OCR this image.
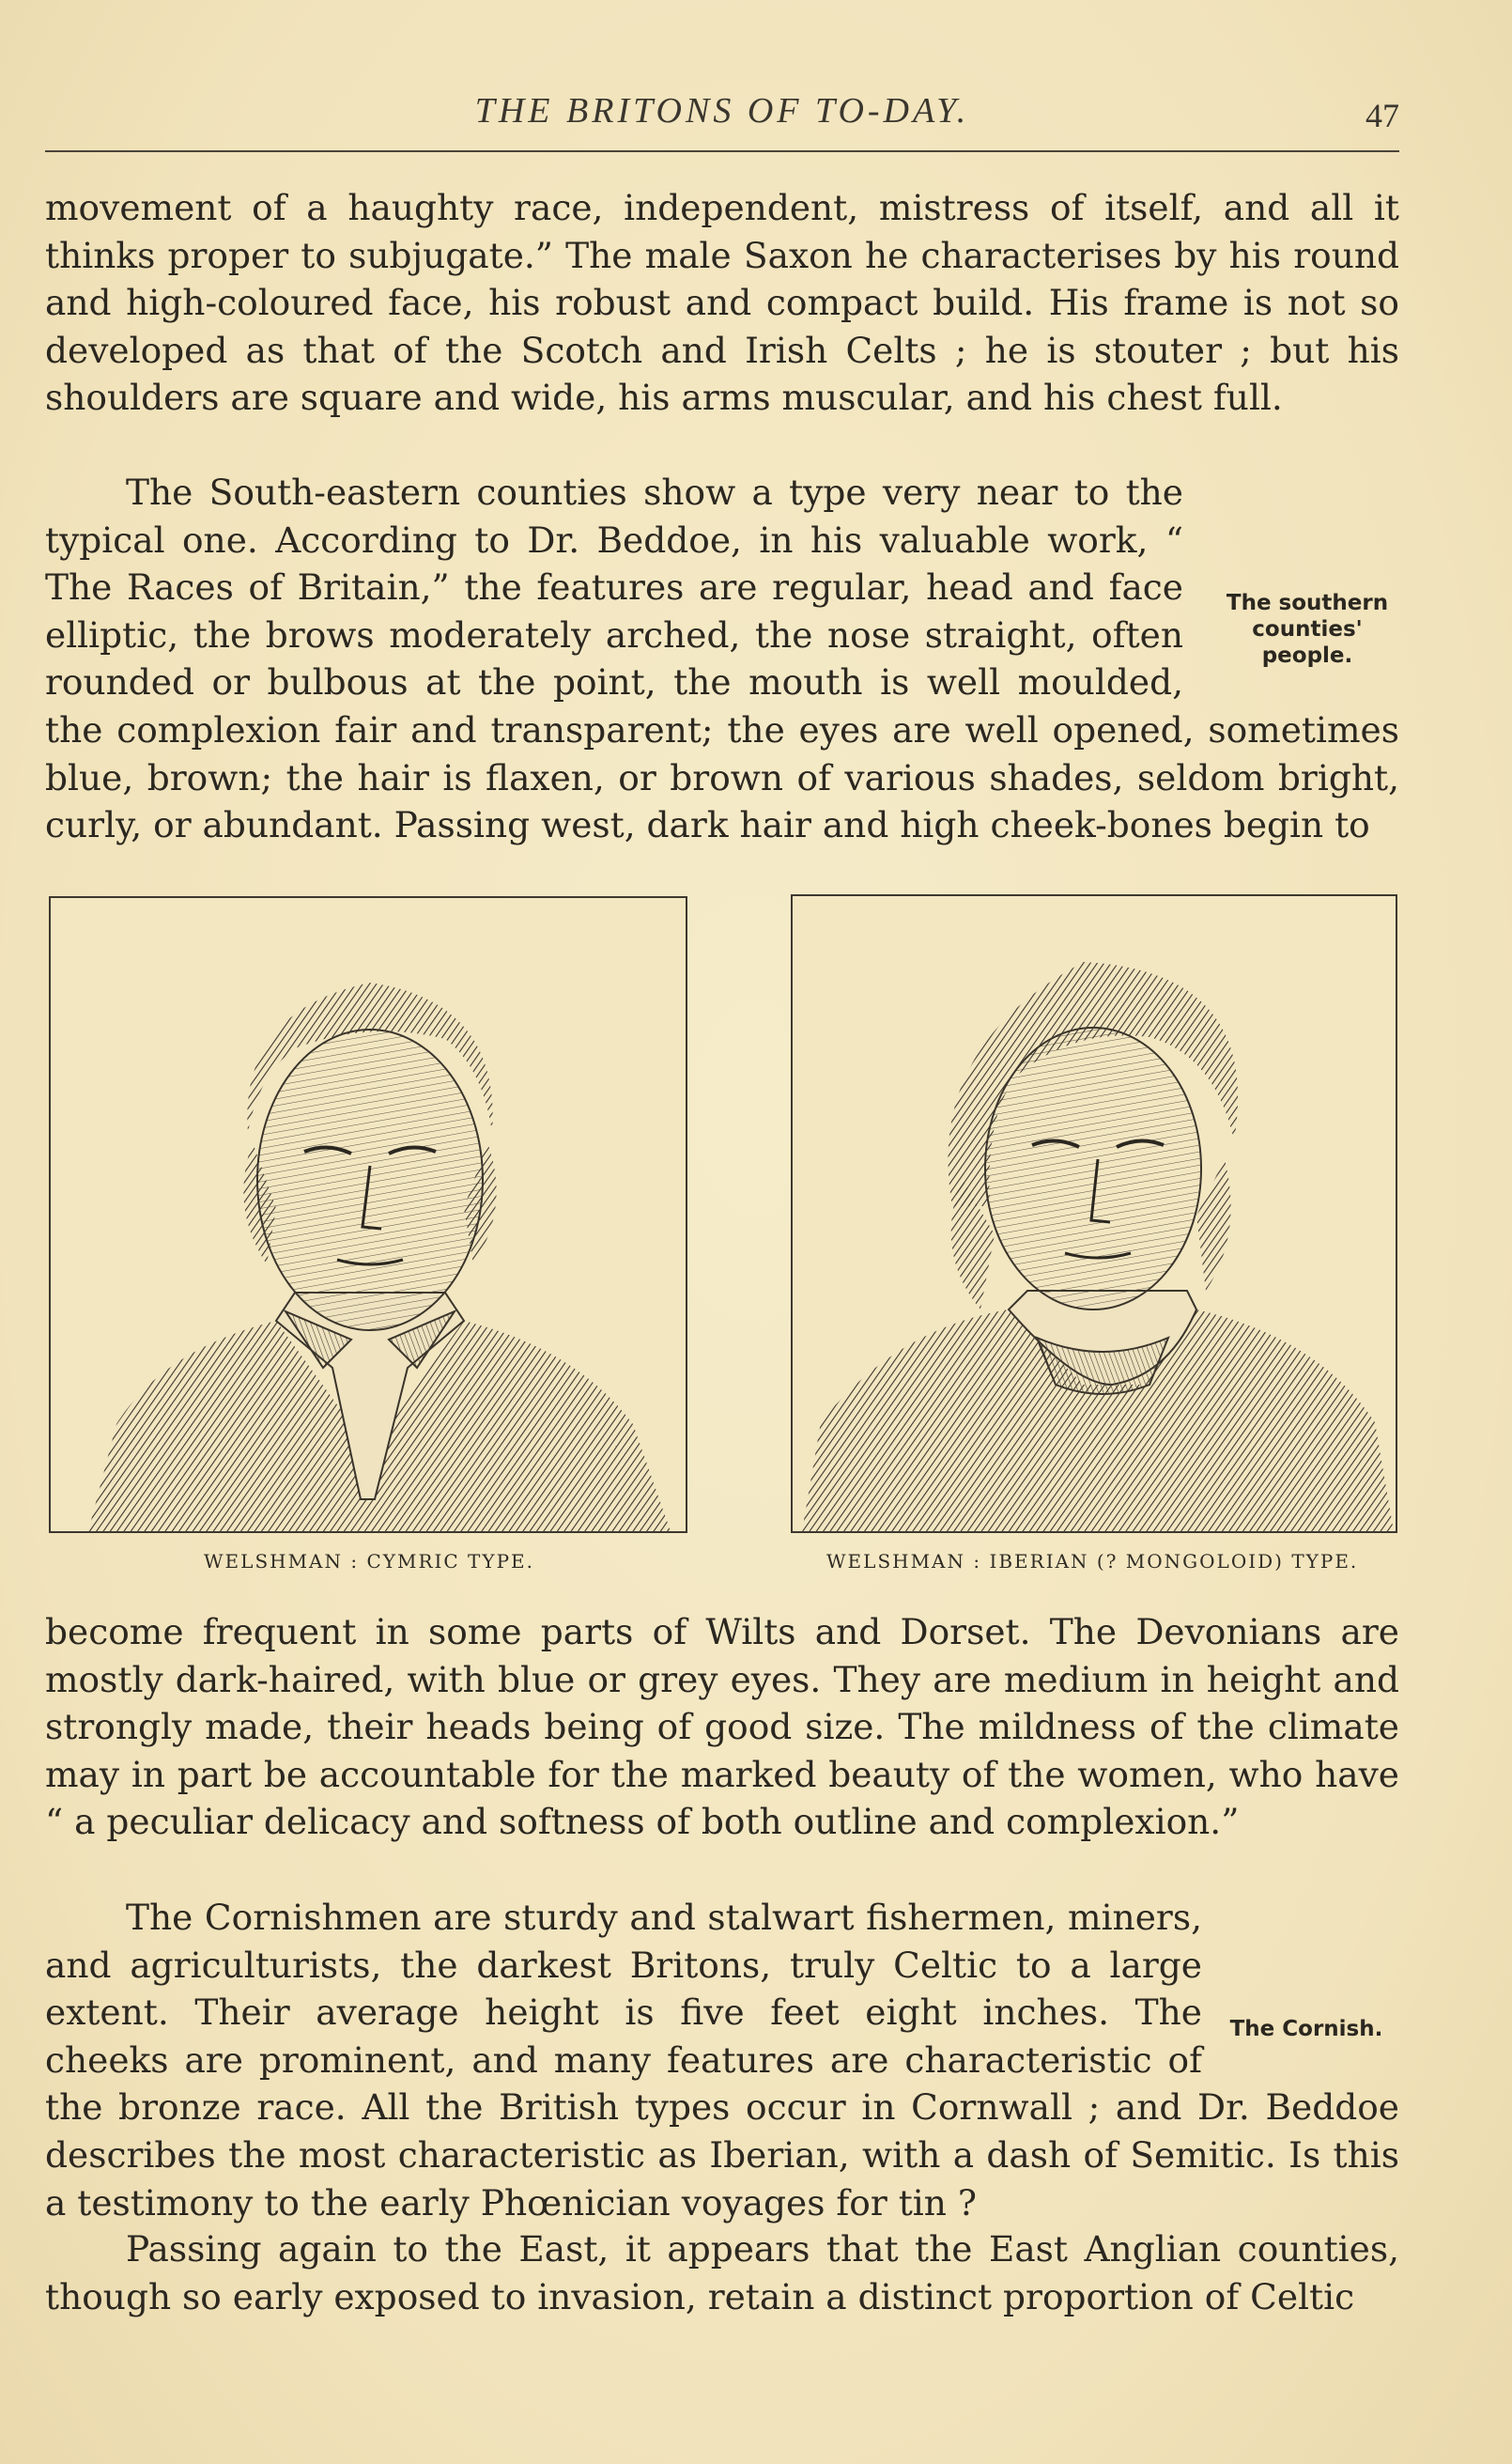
THE BRITONS OF TO-DAY.	47

movement of a haughty race, independent, mistress of itself, and all it thinks proper to subjugate.” The male Saxon he characterises by his round and high-coloured face, his robust and compact build. His frame is not so developed as that of the Scotch and Irish Celts ; he is stouter ; but his shoulders are square and wide, his arms muscular, and his chest full.

The South-eastern counties show a type very near to the typical one. According to Dr. Beddoe, in his valuable work, “ The Races of Britain,” the features are regular, head and face elliptic, the brows moderately arched, the nose straight, often rounded or bulbous at the point, the mouth is well moulded, the complexion fair and transparent; the eyes are well opened, sometimes blue, brown; the hair is flaxen, or brown of various shades, seldom bright, curly, or abundant. Passing west, dark hair and high cheek-bones begin to

The southern counties' people.
WELSHMAN : CYMRIC TYPE.	WELSHMAN : IBERIAN (? MONGOLOID) TYPE.

become frequent in some parts of Wilts and Dorset. The Devonians are mostly dark-haired, with blue or grey eyes. They are medium in height and strongly made, their heads being of good size. The mildness of the climate may in part be accountable for the marked beauty of the women, who have “ a peculiar delicacy and softness of both outline and complexion.”

The Cornishmen are sturdy and stalwart fishermen, miners, and agriculturists, the darkest Britons, truly Celtic to a large extent. Their average height is five feet eight inches. The cheeks are prominent, and many features are characteristic of the bronze race. All the British types occur in Cornwall ; and Dr. Beddoe describes the most characteristic as Iberian, with a dash of Semitic. Is this a testimony to the early Phœnician voyages for tin ?

Passing again to the East, it appears that the East Anglian counties, though so early exposed to invasion, retain a distinct proportion of Celtic

The Cornish.
